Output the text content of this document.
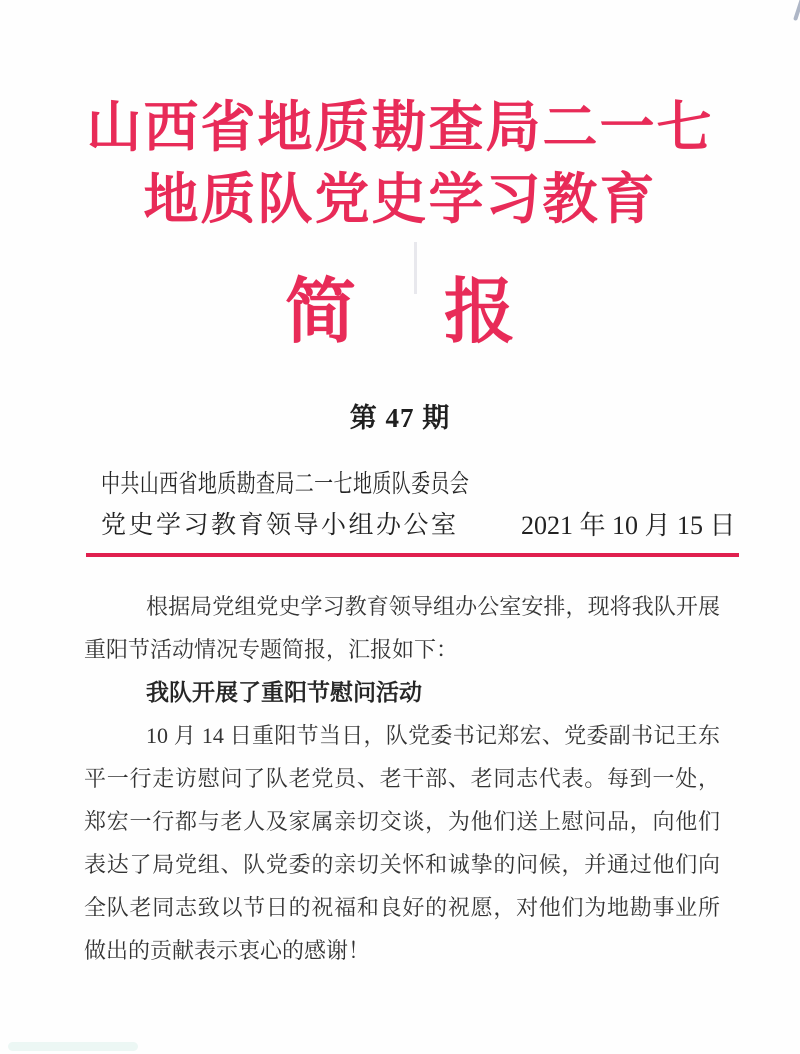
山西省地质勘查局二一七
地质队党史学习教育
简 报
第 47 期
中共山西省地质勘查局二一七地质队委员会
党史学习教育领导小组办公室 2021 年 10 月 15 日

根据局党组党史学习教育领导组办公室安排，现将我队开展重阳节活动情况专题简报，汇报如下：

我队开展了重阳节慰问活动

10 月 14 日重阳节当日，队党委书记郑宏、党委副书记王东平一行走访慰问了队老党员、老干部、老同志代表。每到一处，郑宏一行都与老人及家属亲切交谈，为他们送上慰问品，向他们表达了局党组、队党委的亲切关怀和诚挚的问候，并通过他们向全队老同志致以节日的祝福和良好的祝愿，对他们为地勘事业所做出的贡献表示衷心的感谢！
